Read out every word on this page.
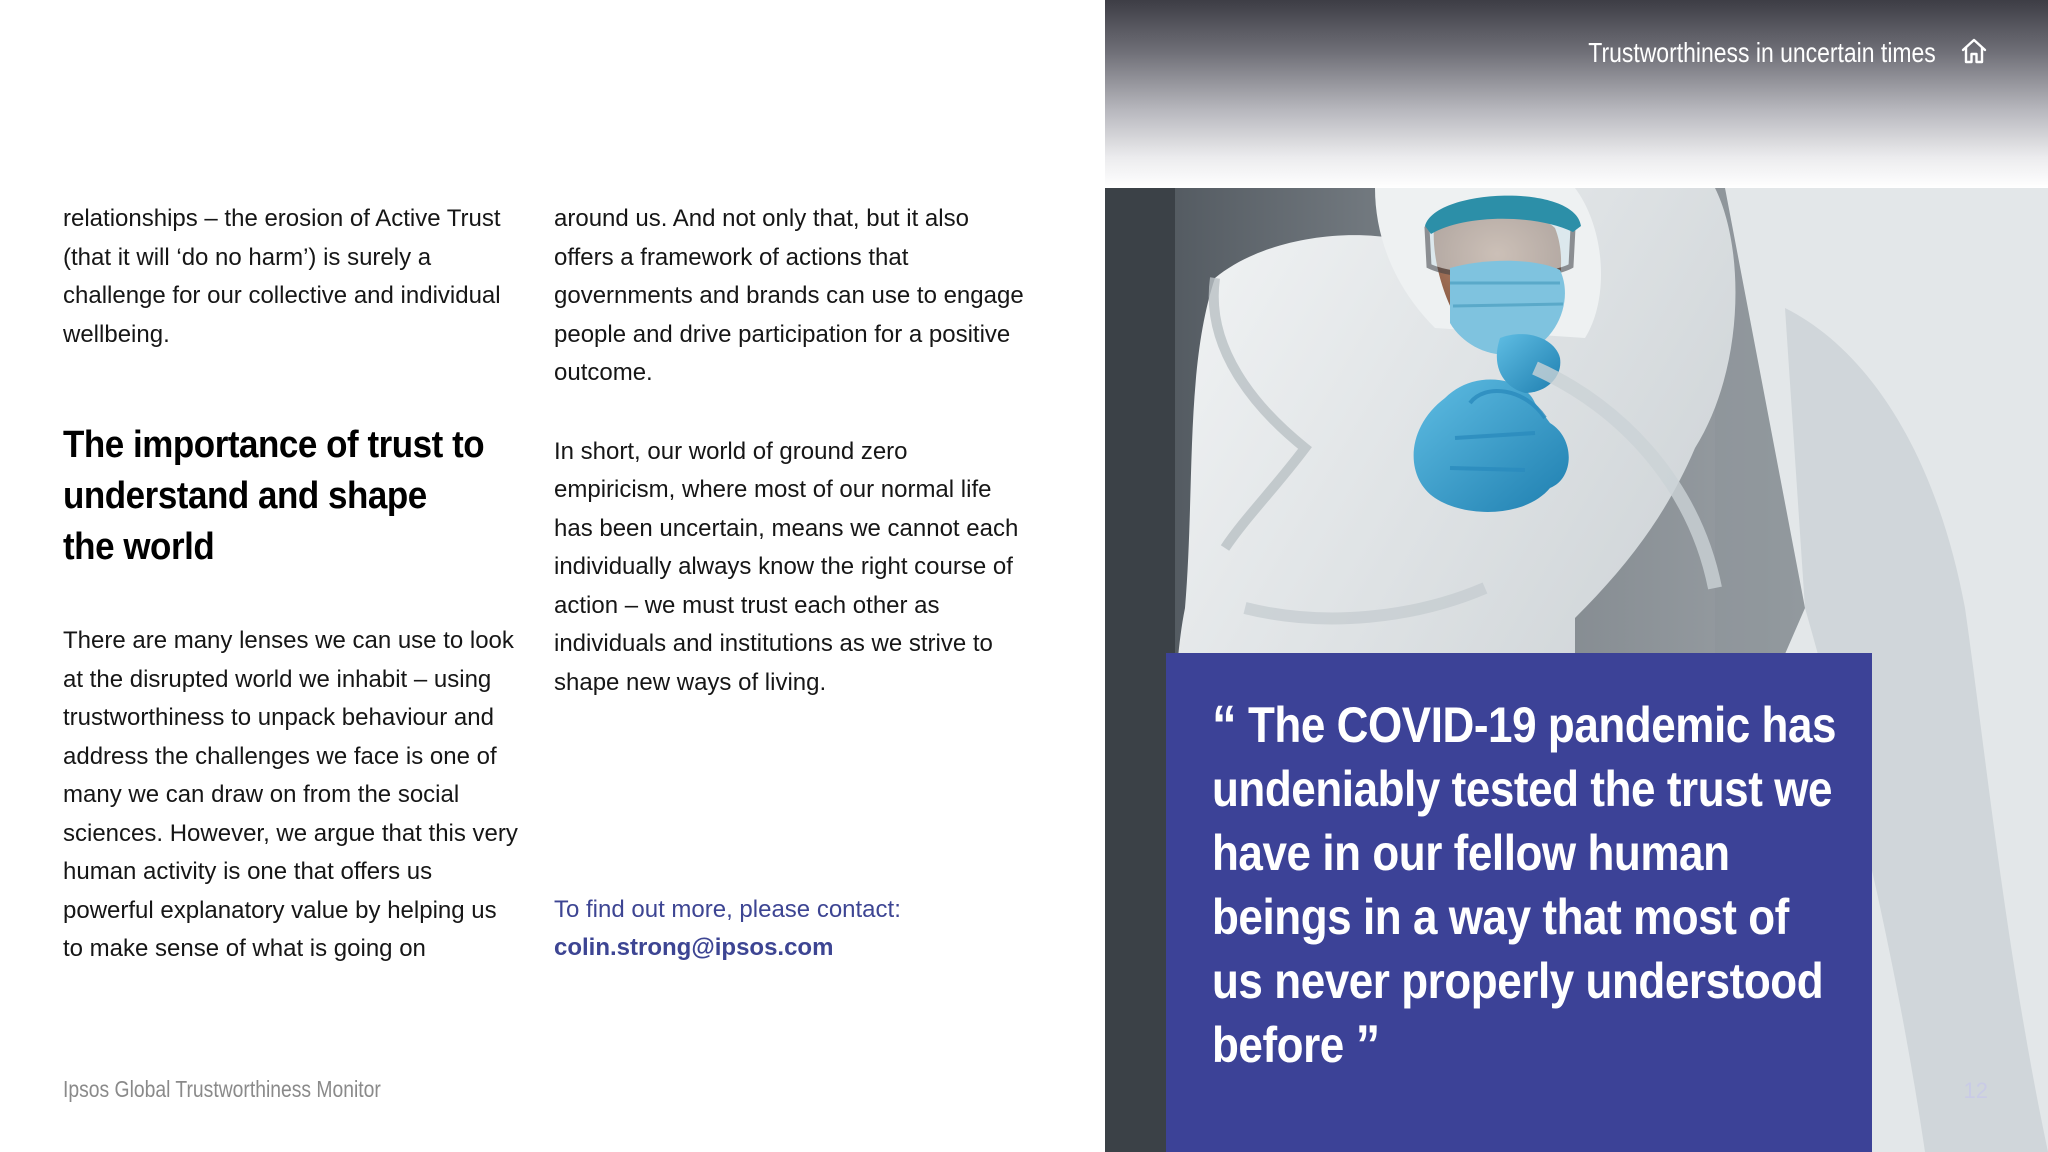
relationships – the erosion of Active Trust (that it will ‘do no harm’) is surely a challenge for our collective and individual wellbeing.

The importance of trust to understand and shape the world

There are many lenses we can use to look at the disrupted world we inhabit – using trustworthiness to unpack behaviour and address the challenges we face is one of many we can draw on from the social sciences. However, we argue that this very human activity is one that offers us powerful explanatory value by helping us to make sense of what is going on

around us. And not only that, but it also offers a framework of actions that governments and brands can use to engage people and drive participation for a positive outcome.

In short, our world of ground zero empiricism, where most of our normal life has been uncertain, means we cannot each individually always know the right course of action – we must trust each other as individuals and institutions as we strive to shape new ways of living.

To find out more, please contact:
colin.strong@ipsos.com
Ipsos Global Trustworthiness Monitor
Trustworthiness in uncertain times

“ The COVID-19 pandemic has undeniably tested the trust we have in our fellow human beings in a way that most of us never properly understood before ”

12
